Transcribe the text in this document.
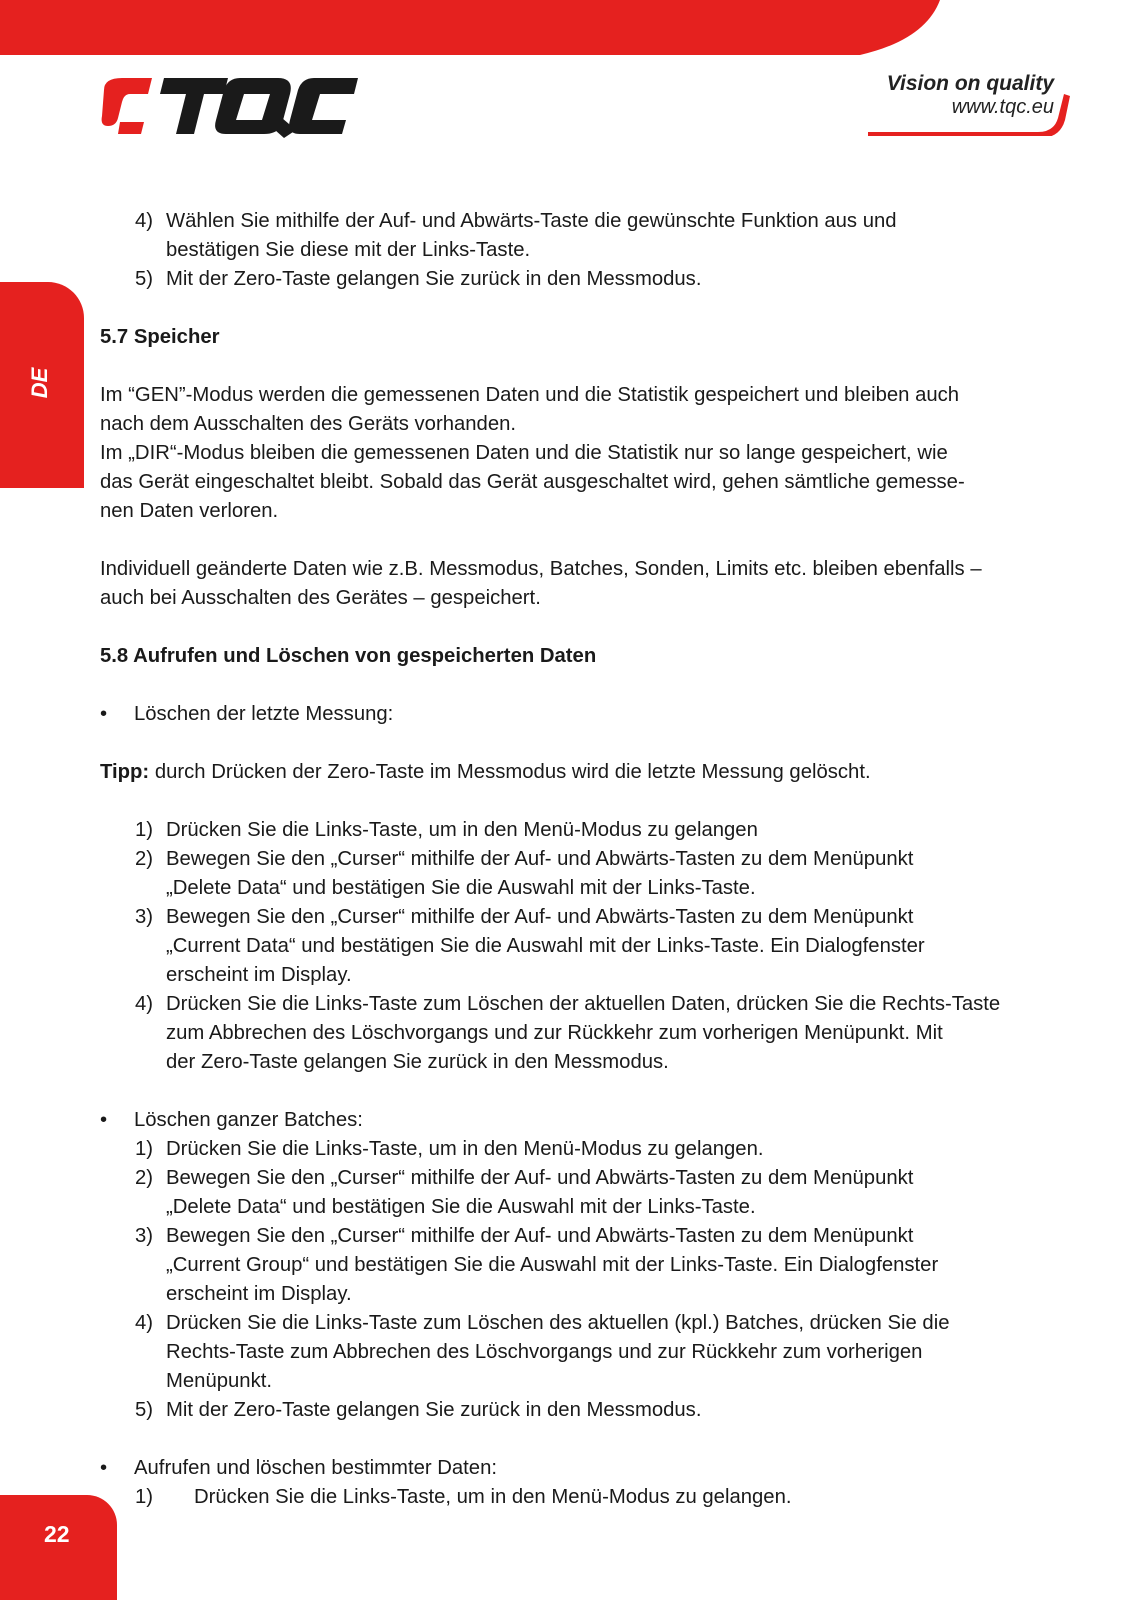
Vision on quality
www.tqc.eu
DE
22
4) Wählen Sie mithilfe der Auf- und Abwärts-Taste die gewünschte Funktion aus und

bestätigen Sie diese mit der Links-Taste.

5) Mit der Zero-Taste gelangen Sie zurück in den Messmodus.

5.7 Speicher

Im “GEN”-Modus werden die gemessenen Daten und die Statistik gespeichert und bleiben auch

nach dem Ausschalten des Geräts vorhanden.

Im „DIR“-Modus bleiben die gemessenen Daten und die Statistik nur so lange gespeichert, wie

das Gerät eingeschaltet bleibt. Sobald das Gerät ausgeschaltet wird, gehen sämtliche gemesse-

nen Daten verloren.

Individuell geänderte Daten wie z.B. Messmodus, Batches, Sonden, Limits etc. bleiben ebenfalls –

auch bei Ausschalten des Gerätes – gespeichert.

5.8 Aufrufen und Löschen von gespeicherten Daten

• Löschen der letzte Messung:

Tipp: durch Drücken der Zero-Taste im Messmodus wird die letzte Messung gelöscht.

1) Drücken Sie die Links-Taste, um in den Menü-Modus zu gelangen

2) Bewegen Sie den „Curser“ mithilfe der Auf- und Abwärts-Tasten zu dem Menüpunkt

„Delete Data“ und bestätigen Sie die Auswahl mit der Links-Taste.

3) Bewegen Sie den „Curser“ mithilfe der Auf- und Abwärts-Tasten zu dem Menüpunkt

„Current Data“ und bestätigen Sie die Auswahl mit der Links-Taste. Ein Dialogfenster

erscheint im Display.

4) Drücken Sie die Links-Taste zum Löschen der aktuellen Daten, drücken Sie die Rechts-Taste

zum Abbrechen des Löschvorgangs und zur Rückkehr zum vorherigen Menüpunkt. Mit

der Zero-Taste gelangen Sie zurück in den Messmodus.

• Löschen ganzer Batches:

1) Drücken Sie die Links-Taste, um in den Menü-Modus zu gelangen.

2) Bewegen Sie den „Curser“ mithilfe der Auf- und Abwärts-Tasten zu dem Menüpunkt

„Delete Data“ und bestätigen Sie die Auswahl mit der Links-Taste.

3) Bewegen Sie den „Curser“ mithilfe der Auf- und Abwärts-Tasten zu dem Menüpunkt

„Current Group“ und bestätigen Sie die Auswahl mit der Links-Taste. Ein Dialogfenster

erscheint im Display.

4) Drücken Sie die Links-Taste zum Löschen des aktuellen (kpl.) Batches, drücken Sie die

Rechts-Taste zum Abbrechen des Löschvorgangs und zur Rückkehr zum vorherigen

Menüpunkt.

5) Mit der Zero-Taste gelangen Sie zurück in den Messmodus.

• Aufrufen und löschen bestimmter Daten:

1) Drücken Sie die Links-Taste, um in den Menü-Modus zu gelangen.
